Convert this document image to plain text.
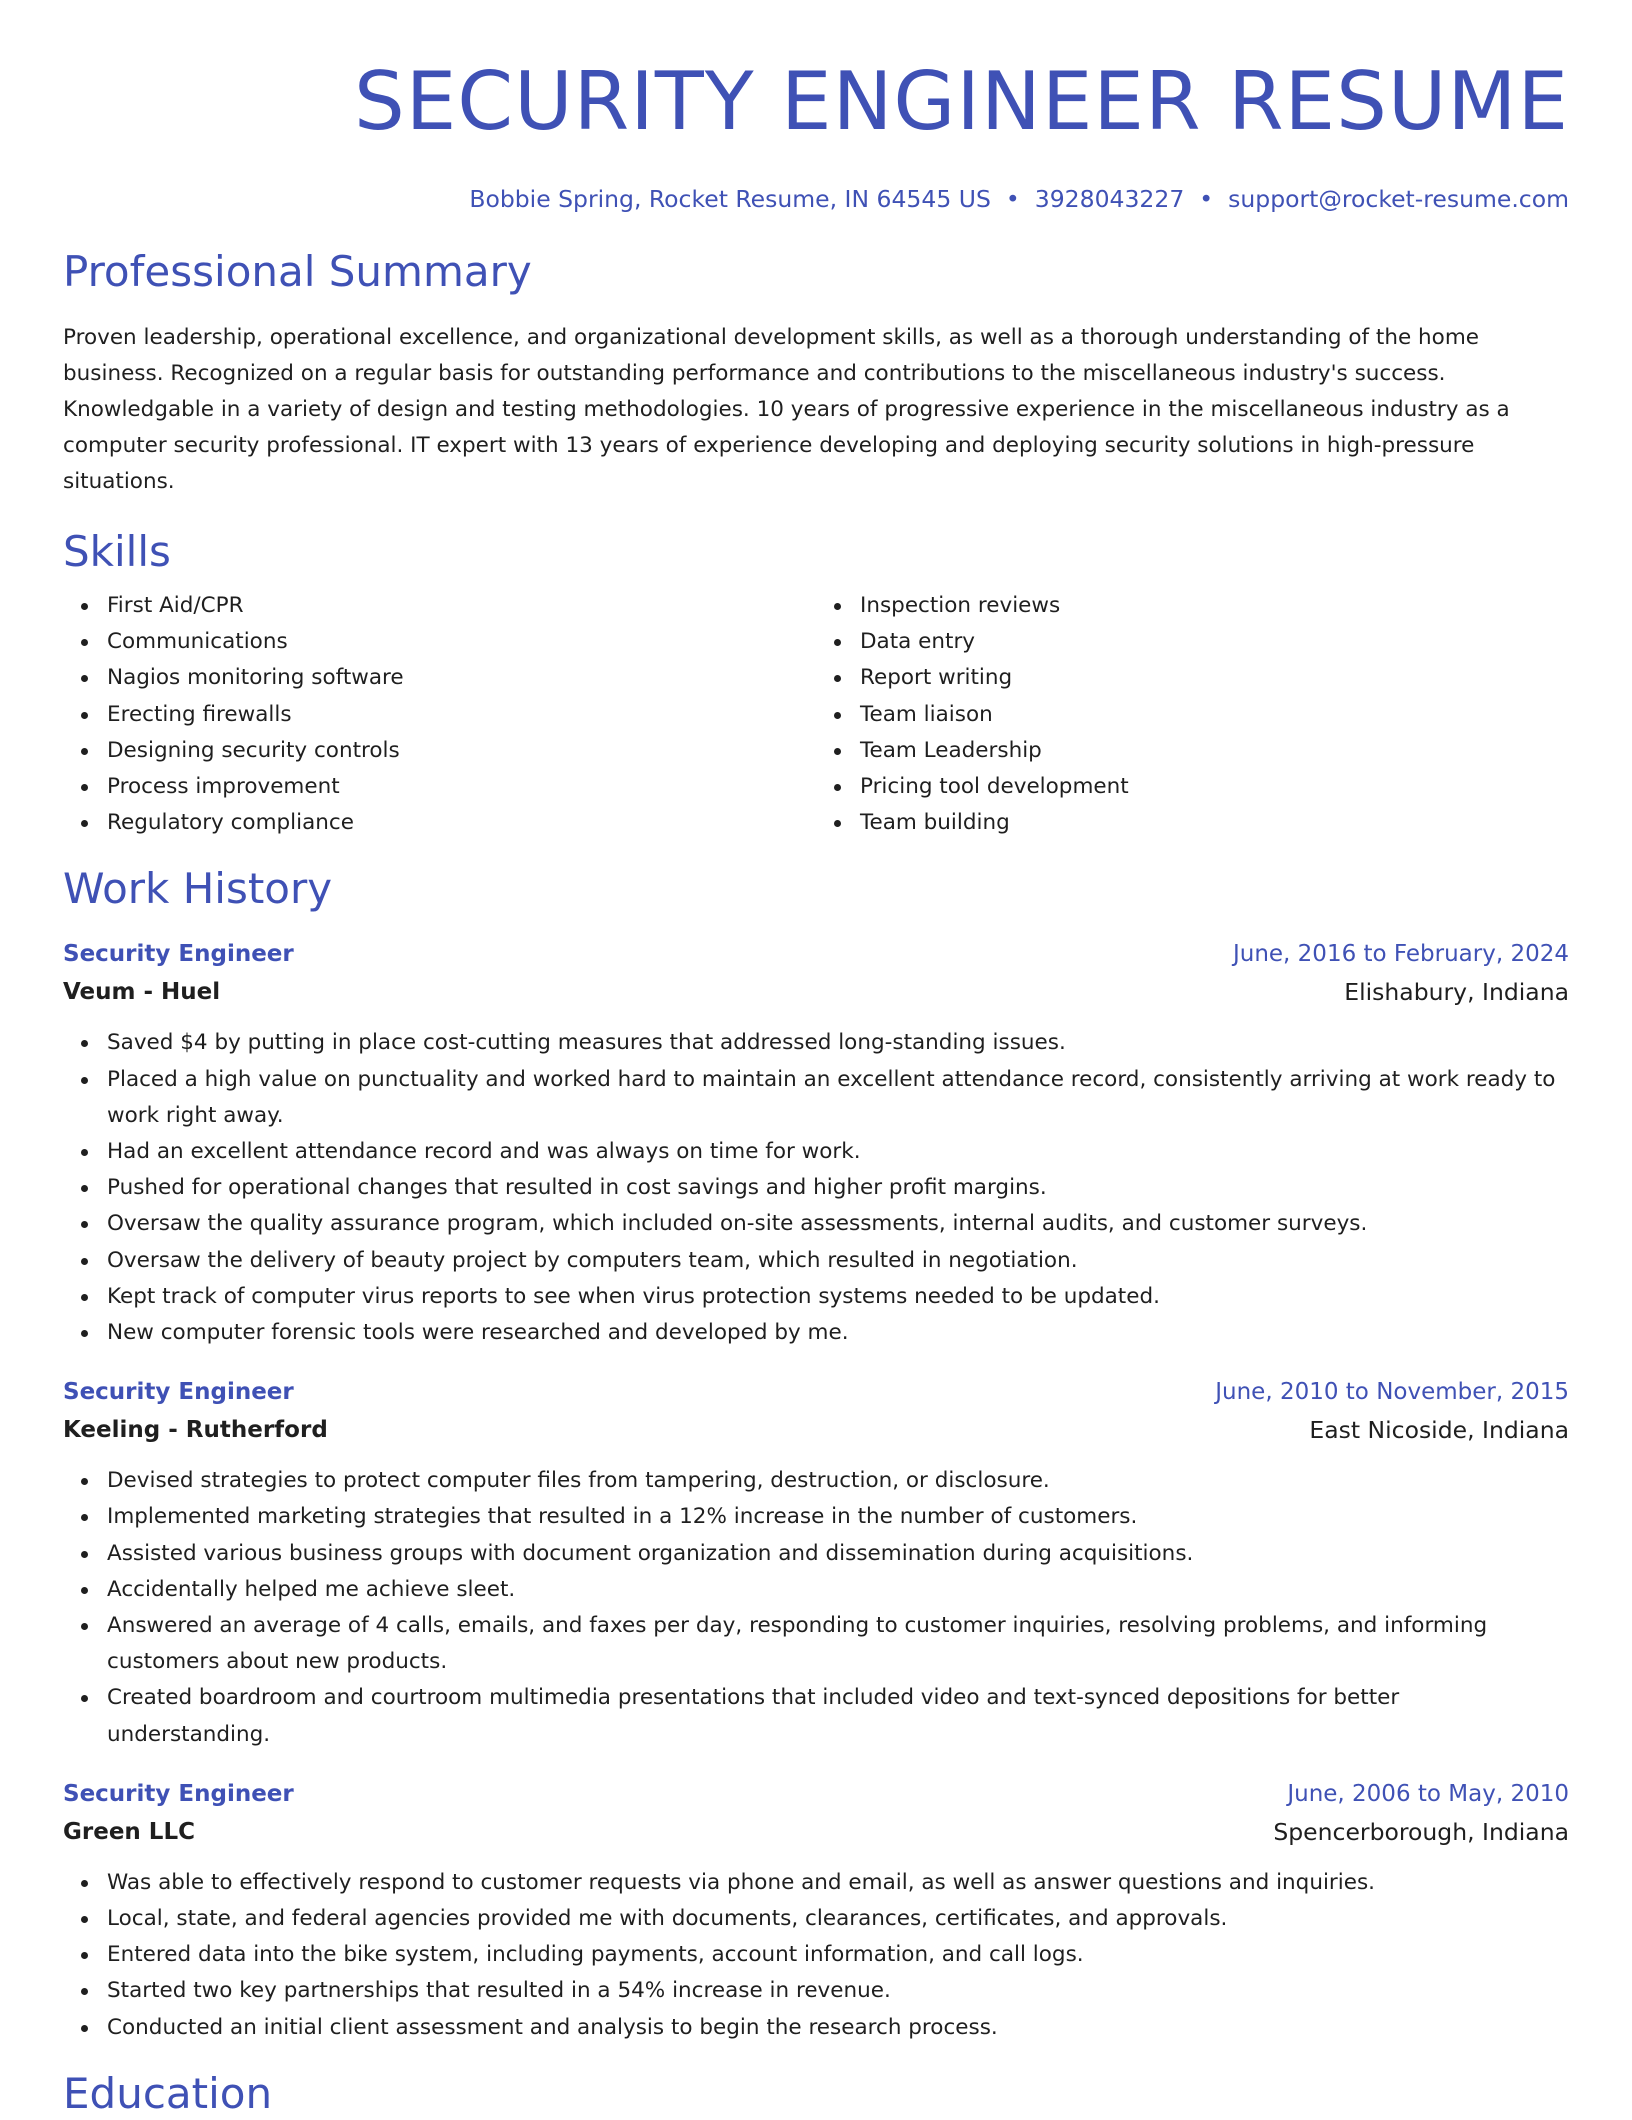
SECURITY ENGINEER RESUME
Bobbie Spring, Rocket Resume, IN 64545 US • 3928043227 • support@rocket-resume.com
Professional Summary

Proven leadership, operational excellence, and organizational development skills, as well as a thorough understanding of the home business. Recognized on a regular basis for outstanding performance and contributions to the miscellaneous industry's success. Knowledgable in a variety of design and testing methodologies. 10 years of progressive experience in the miscellaneous industry as a computer security professional. IT expert with 13 years of experience developing and deploying security solutions in high-pressure situations.

Skills
First Aid/CPR
Communications
Nagios monitoring software
Erecting firewalls
Designing security controls
Process improvement
Regulatory compliance
Inspection reviews
Data entry
Report writing
Team liaison
Team Leadership
Pricing tool development
Team building
Work History
Security Engineer	June, 2016 to February, 2024
Veum - Huel	Elishabury, Indiana
Saved $4 by putting in place cost-cutting measures that addressed long-standing issues.
Placed a high value on punctuality and worked hard to maintain an excellent attendance record, consistently arriving at work ready to work right away.
Had an excellent attendance record and was always on time for work.
Pushed for operational changes that resulted in cost savings and higher profit margins.
Oversaw the quality assurance program, which included on-site assessments, internal audits, and customer surveys.
Oversaw the delivery of beauty project by computers team, which resulted in negotiation.
Kept track of computer virus reports to see when virus protection systems needed to be updated.
New computer forensic tools were researched and developed by me.
Security Engineer	June, 2010 to November, 2015
Keeling - Rutherford	East Nicoside, Indiana
Devised strategies to protect computer files from tampering, destruction, or disclosure.
Implemented marketing strategies that resulted in a 12% increase in the number of customers.
Assisted various business groups with document organization and dissemination during acquisitions.
Accidentally helped me achieve sleet.
Answered an average of 4 calls, emails, and faxes per day, responding to customer inquiries, resolving problems, and informing customers about new products.
Created boardroom and courtroom multimedia presentations that included video and text-synced depositions for better understanding.
Security Engineer	June, 2006 to May, 2010
Green LLC	Spencerborough, Indiana
Was able to effectively respond to customer requests via phone and email, as well as answer questions and inquiries.
Local, state, and federal agencies provided me with documents, clearances, certificates, and approvals.
Entered data into the bike system, including payments, account information, and call logs.
Started two key partnerships that resulted in a 54% increase in revenue.
Conducted an initial client assessment and analysis to begin the research process.
Education
